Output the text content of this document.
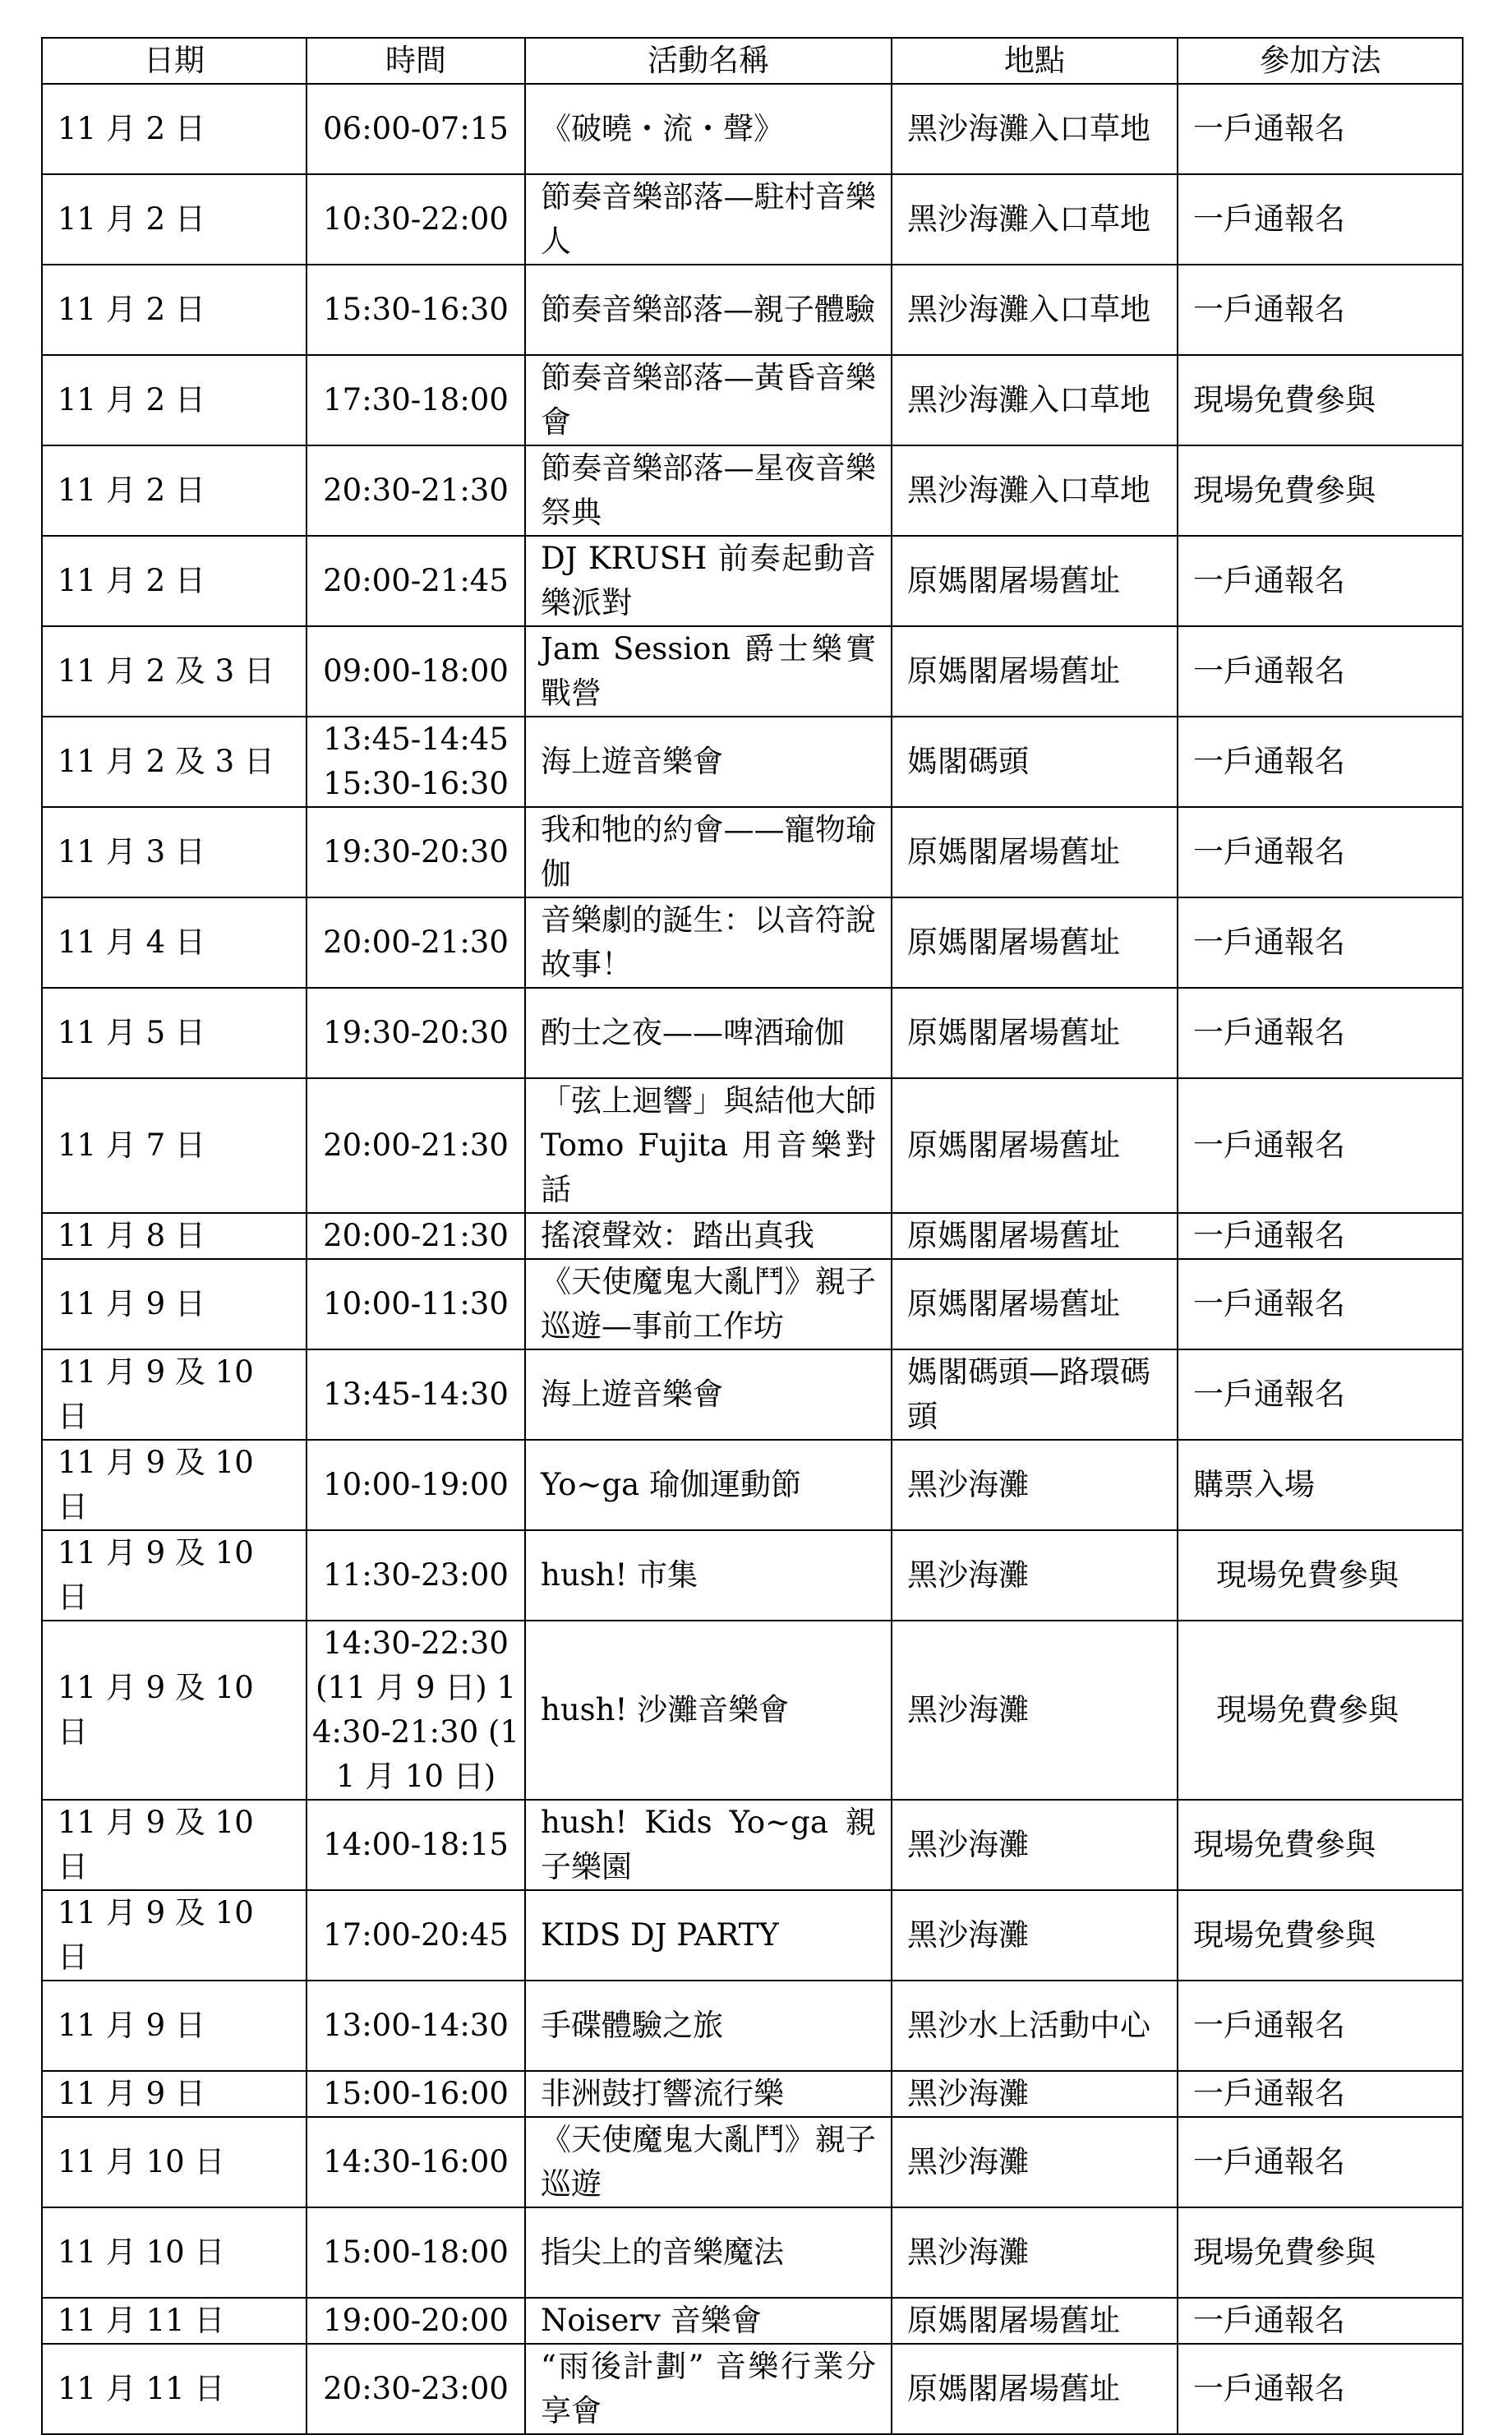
日期	時間	活動名稱	地點	參加方法
11 月 2 日	06:00-07:15	《破曉・流・聲》	黑沙海灘入口草地	一戶通報名
11 月 2 日	10:30-22:00	節奏音樂部落—駐村音樂人	黑沙海灘入口草地	一戶通報名
11 月 2 日	15:30-16:30	節奏音樂部落—親子體驗	黑沙海灘入口草地	一戶通報名
11 月 2 日	17:30-18:00	節奏音樂部落—黃昏音樂會	黑沙海灘入口草地	現場免費參與
11 月 2 日	20:30-21:30	節奏音樂部落—星夜音樂祭典	黑沙海灘入口草地	現場免費參與
11 月 2 日	20:00-21:45	DJ KRUSH 前奏起動音樂派對	原媽閣屠場舊址	一戶通報名
11 月 2 及 3 日	09:00-18:00	Jam Session 爵士樂實戰營	原媽閣屠場舊址	一戶通報名
11 月 2 及 3 日	13:45-14:45 15:30-16:30	海上遊音樂會	媽閣碼頭	一戶通報名
11 月 3 日	19:30-20:30	我和牠的約會——寵物瑜伽	原媽閣屠場舊址	一戶通報名
11 月 4 日	20:00-21:30	音樂劇的誕生：以音符說故事！	原媽閣屠場舊址	一戶通報名
11 月 5 日	19:30-20:30	酌士之夜——啤酒瑜伽	原媽閣屠場舊址	一戶通報名
11 月 7 日	20:00-21:30	「弦上迴響」與結他大師 Tomo Fujita 用音樂對話	原媽閣屠場舊址	一戶通報名
11 月 8 日	20:00-21:30	搖滾聲效：踏出真我	原媽閣屠場舊址	一戶通報名
11 月 9 日	10:00-11:30	《天使魔鬼大亂鬥》親子巡遊—事前工作坊	原媽閣屠場舊址	一戶通報名
11 月 9 及 10 日	13:45-14:30	海上遊音樂會	媽閣碼頭—路環碼頭	一戶通報名
11 月 9 及 10 日	10:00-19:00	Yo~ga 瑜伽運動節	黑沙海灘	購票入場
11 月 9 及 10 日	11:30-23:00	hush! 市集	黑沙海灘	現場免費參與
11 月 9 及 10 日	14:30-22:30 (11 月 9 日) 14:30-21:30 (11 月 10 日)	hush! 沙灘音樂會	黑沙海灘	現場免費參與
11 月 9 及 10 日	14:00-18:15	hush! Kids Yo~ga 親子樂園	黑沙海灘	現場免費參與
11 月 9 及 10 日	17:00-20:45	KIDS DJ PARTY	黑沙海灘	現場免費參與
11 月 9 日	13:00-14:30	手碟體驗之旅	黑沙水上活動中心	一戶通報名
11 月 9 日	15:00-16:00	非洲鼓打響流行樂	黑沙海灘	一戶通報名
11 月 10 日	14:30-16:00	《天使魔鬼大亂鬥》親子巡遊	黑沙海灘	一戶通報名
11 月 10 日	15:00-18:00	指尖上的音樂魔法	黑沙海灘	現場免費參與
11 月 11 日	19:00-20:00	Noiserv 音樂會	原媽閣屠場舊址	一戶通報名
11 月 11 日	20:30-23:00	“雨後計劃” 音樂行業分享會	原媽閣屠場舊址	一戶通報名
